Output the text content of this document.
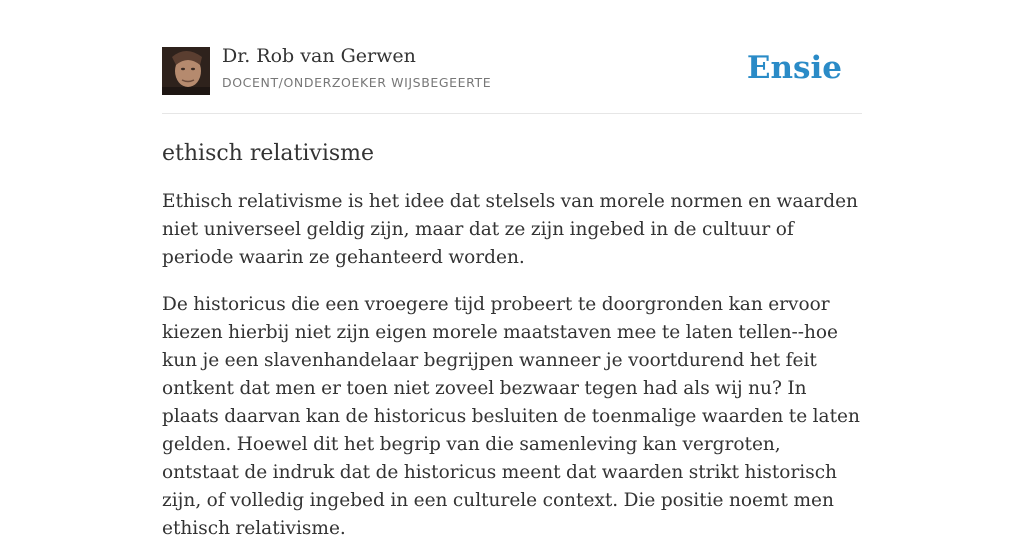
Dr. Rob van Gerwen
DOCENT/ONDERZOEKER WIJSBEGEERTE	Ensie
ethisch relativisme

Ethisch relativisme is het idee dat stelsels van morele normen en waarden niet universeel geldig zijn, maar dat ze zijn ingebed in de cultuur of periode waarin ze gehanteerd worden.

De historicus die een vroegere tijd probeert te doorgronden kan ervoor kiezen hierbij niet zijn eigen morele maatstaven mee te laten tellen--hoe kun je een slavenhandelaar begrijpen wanneer je voortdurend het feit ontkent dat men er toen niet zoveel bezwaar tegen had als wij nu? In plaats daarvan kan de historicus besluiten de toenmalige waarden te laten gelden. Hoewel dit het begrip van die samenleving kan vergroten, ontstaat de indruk dat de historicus meent dat waarden strikt historisch zijn, of volledig ingebed in een culturele context. Die positie noemt men ethisch relativisme.
